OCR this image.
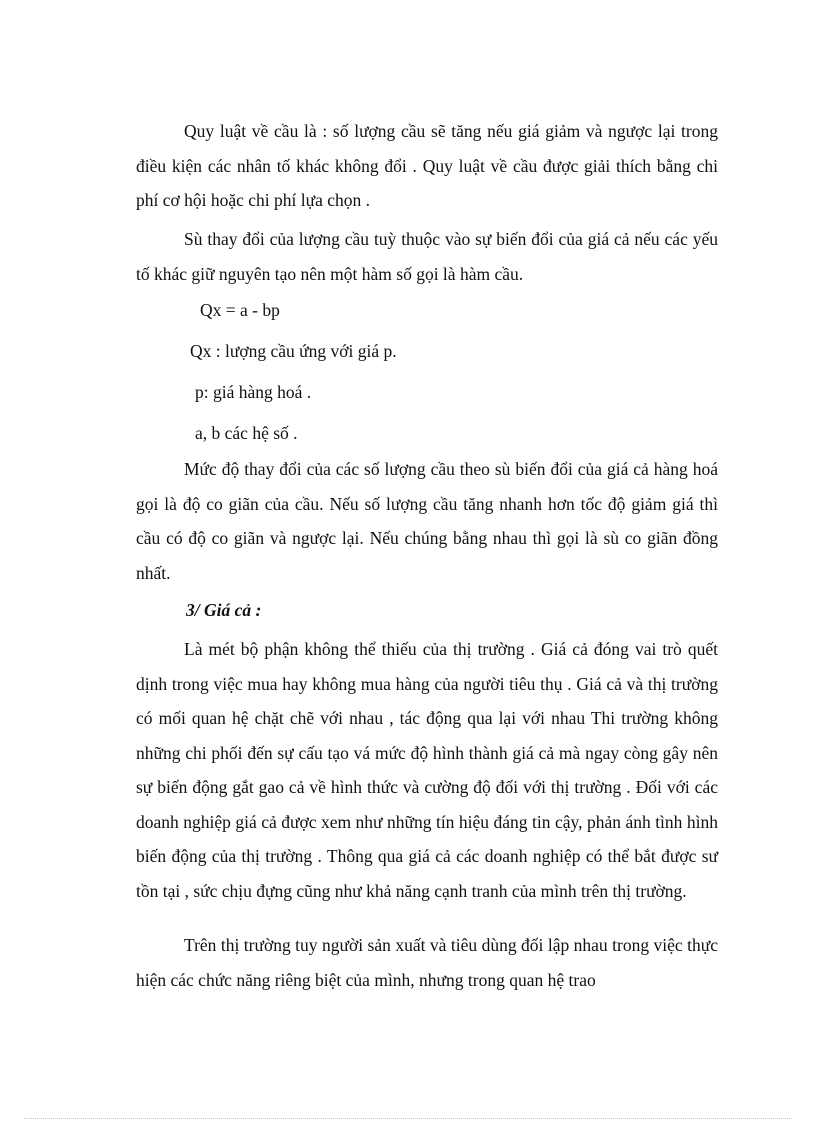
Quy luật về cầu là : số lượng cầu sẽ tăng nếu giá giảm và ngược lại trong điều kiện các nhân tố khác không đổi . Quy luật về cầu được giải thích bằng chi phí cơ hội hoặc chi phí lựa chọn .

Sù thay đổi của lượng cầu tuỳ thuộc vào sự biến đổi của giá cả nếu các yếu tố khác giữ nguyên tạo nên một hàm số gọi là hàm cầu.

Qx = a - bp

Qx : lượng cầu ứng với giá p.

p: giá hàng hoá .

a, b các hệ số .

Mức độ thay đổi của các số lượng cầu theo sù biến đổi của giá cả hàng hoá gọi là độ co giãn của cầu. Nếu số lượng cầu tăng nhanh hơn tốc độ giảm giá thì cầu có độ co giãn và ngược lại. Nếu chúng bằng nhau thì gọi là sù co giãn đồng nhất.

3/ Giá cả :

Là mét bộ phận không thể thiếu của thị trường . Giá cả đóng vai trò quết dịnh trong việc mua hay không mua hàng của người tiêu thụ . Giá cả và thị trường có mối quan hệ chặt chẽ với nhau , tác động qua lại với nhau Thi trường không những chi phối đến sự cấu tạo vá mức độ hình thành giá cả mà ngay còng gây nên sự biến động gắt gao cả về hình thức và cường độ đối với thị trường . Đối với các doanh nghiệp giá cả được xem như những tín hiệu đáng tin cậy, phản ánh tình hình biến động của thị trường . Thông qua giá cả các doanh nghiệp có thể bắt được sư tồn tại , sức chịu đựng cũng như khả năng cạnh tranh của mình trên thị trường.

Trên thị trường tuy người sản xuất và tiêu dùng đối lập nhau trong việc thực hiện các chức năng riêng biệt của mình, nhưng trong quan hệ trao
